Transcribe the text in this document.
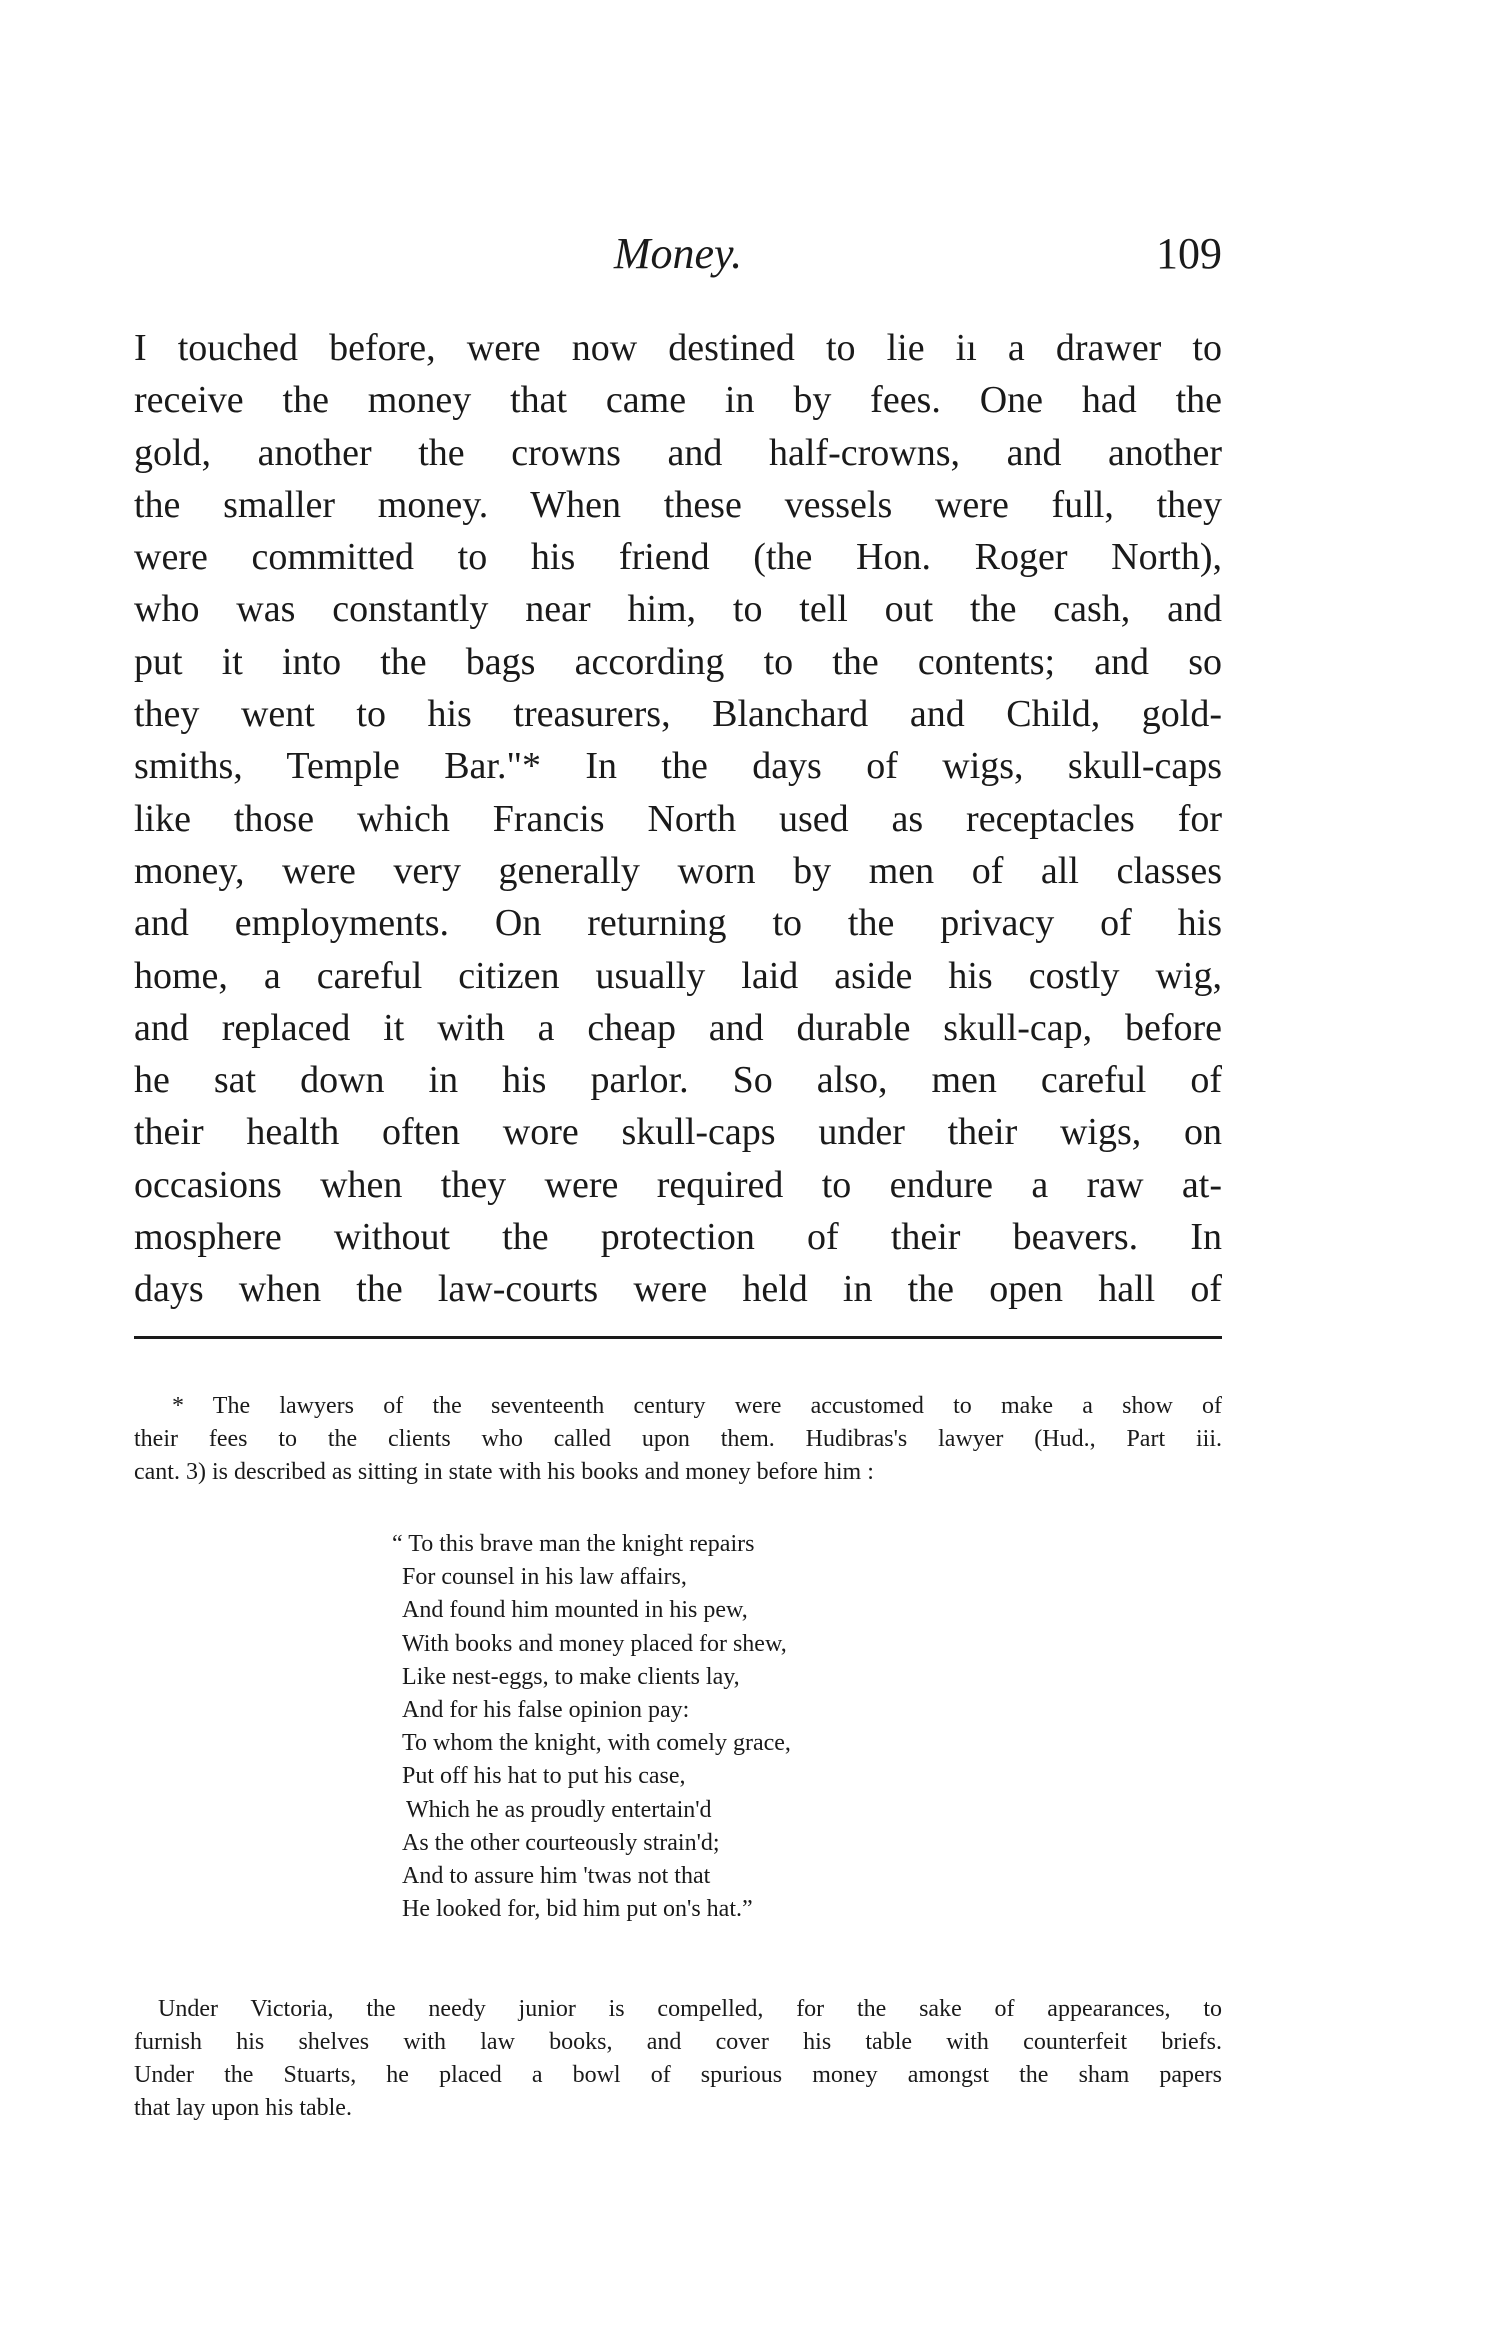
Money.	109
I touched before, were now destined to lie iı a drawer to
receive the money that came in by fees. One had the
gold, another the crowns and half-crowns, and another
the smaller money. When these vessels were full, they
were committed to his friend (the Hon. Roger North),
who was constantly near him, to tell out the cash, and
put it into the bags according to the contents; and so
they went to his treasurers, Blanchard and Child, gold-
smiths, Temple Bar."* In the days of wigs, skull-caps
like those which Francis North used as receptacles for
money, were very generally worn by men of all classes
and employments. On returning to the privacy of his
home, a careful citizen usually laid aside his costly wig,
and replaced it with a cheap and durable skull-cap, before
he sat down in his parlor. So also, men careful of
their health often wore skull-caps under their wigs, on
occasions when they were required to endure a raw at-
mosphere without the protection of their beavers. In
days when the law-courts were held in the open hall of
* The lawyers of the seventeenth century were accustomed to make a show of
their fees to the clients who called upon them. Hudibras's lawyer (Hud., Part iii.
cant. 3) is described as sitting in state with his books and money before him :
“ To this brave man the knight repairs
For counsel in his law affairs,
And found him mounted in his pew,
With books and money placed for shew,
Like nest-eggs, to make clients lay,
And for his false opinion pay:
To whom the knight, with comely grace,
Put off his hat to put his case,
Which he as proudly entertain'd
As the other courteously strain'd;
And to assure him 'twas not that
He looked for, bid him put on's hat.”
Under Victoria, the needy junior is compelled, for the sake of appearances, to
furnish his shelves with law books, and cover his table with counterfeit briefs.
Under the Stuarts, he placed a bowl of spurious money amongst the sham papers
that lay upon his table.
